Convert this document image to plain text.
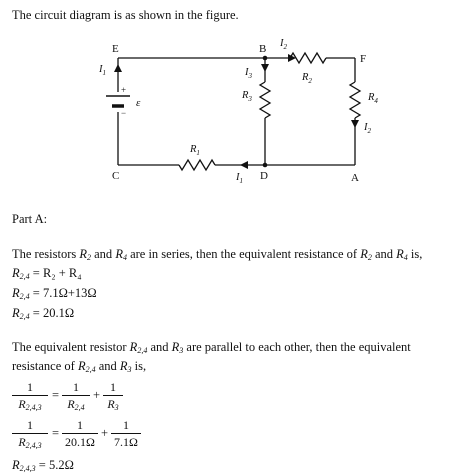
The circuit diagram is as shown in the figure.
+
−
ε
E	B
F
C	D	A
$I_1$
$I_2$
$I_3$
$I_2$
$I_1$
$R_2$
$R_3$	$R_4$
$R_1$
Part A:
The resistors $R_2$ and $R_4$ are in series, then the equivalent resistance of $R_2$ and $R_4$ is,
$R_{2,4} = R_2 + R_4$
$R_{2,4} = 7.1\Omega+13\Omega$
$R_{2,4} = 20.1\Omega$
The equivalent resistor $R_{2,4}$ and $R_3$ are parallel to each other, then the equivalent
resistance of $R_{2,4}$ and $R_3$ is,
1
$R_{2,4,3}$
=
1
$R_{2,4}$
+
1
$R_3$
1
$R_{2,4,3}$
=
1
20.1Ω
+
1
7.1Ω
$R_{2,4,3} = 5.2\Omega$
